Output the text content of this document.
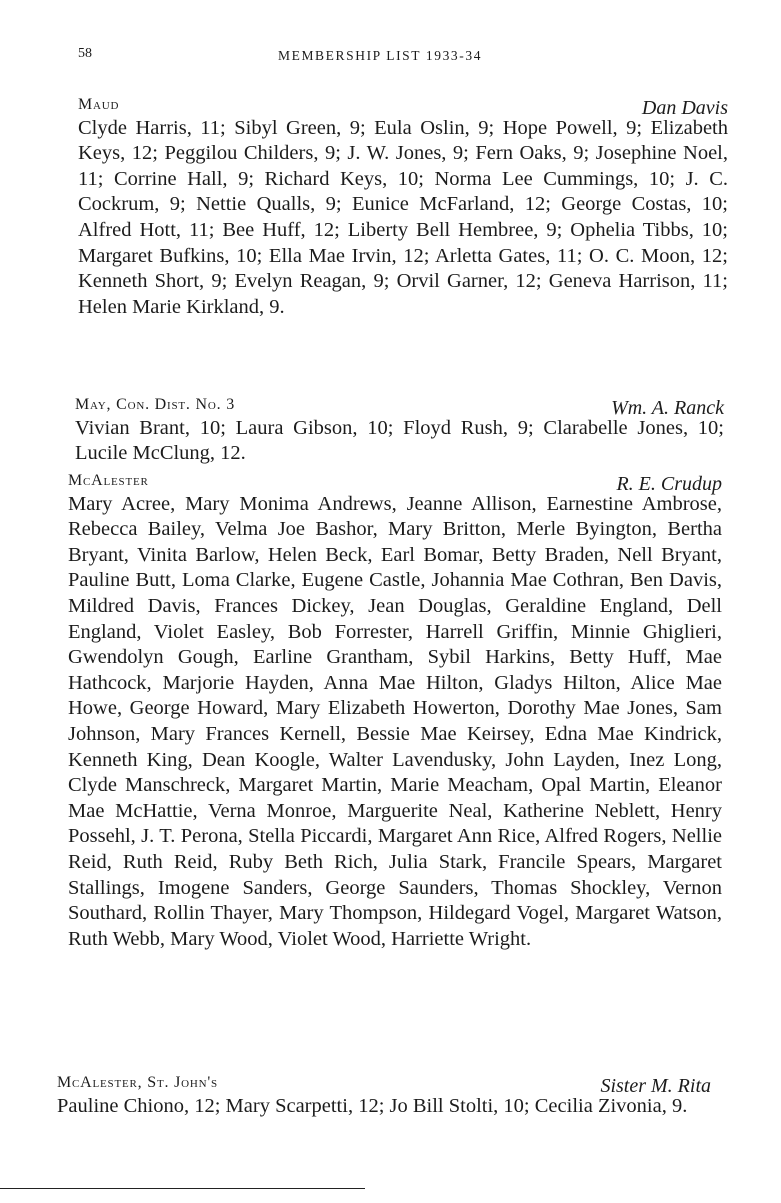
58	MEMBERSHIP LIST 1933-34
Maud	Dan Davis
Clyde Harris, 11; Sibyl Green, 9; Eula Oslin, 9; Hope Powell, 9; Elizabeth Keys, 12; Peggilou Childers, 9; J. W. Jones, 9; Fern Oaks, 9; Josephine Noel, 11; Corrine Hall, 9; Richard Keys, 10; Norma Lee Cummings, 10; J. C. Cockrum, 9; Nettie Qualls, 9; Eunice McFarland, 12; George Costas, 10; Alfred Hott, 11; Bee Huff, 12; Liberty Bell Hembree, 9; Ophelia Tibbs, 10; Margaret Bufkins, 10; Ella Mae Irvin, 12; Arletta Gates, 11; O. C. Moon, 12; Kenneth Short, 9; Evelyn Reagan, 9; Orvil Garner, 12; Geneva Harrison, 11; Helen Marie Kirkland, 9.
May, Con. Dist. No. 3	Wm. A. Ranck
Vivian Brant, 10; Laura Gibson, 10; Floyd Rush, 9; Clarabelle Jones, 10; Lucile McClung, 12.
McAlester	R. E. Crudup
Mary Acree, Mary Monima Andrews, Jeanne Allison, Earnestine Ambrose, Rebecca Bailey, Velma Joe Bashor, Mary Britton, Merle Byington, Bertha Bryant, Vinita Barlow, Helen Beck, Earl Bomar, Betty Braden, Nell Bryant, Pauline Butt, Loma Clarke, Eugene Castle, Johannia Mae Cothran, Ben Davis, Mildred Davis, Frances Dickey, Jean Douglas, Geraldine England, Dell England, Violet Easley, Bob Forrester, Harrell Griffin, Minnie Ghiglieri, Gwendolyn Gough, Earline Grantham, Sybil Harkins, Betty Huff, Mae Hathcock, Marjorie Hayden, Anna Mae Hilton, Gladys Hilton, Alice Mae Howe, George Howard, Mary Elizabeth Howerton, Dorothy Mae Jones, Sam Johnson, Mary Frances Kernell, Bessie Mae Keirsey, Edna Mae Kindrick, Kenneth King, Dean Koogle, Walter Lavendusky, John Layden, Inez Long, Clyde Manschreck, Margaret Martin, Marie Meacham, Opal Martin, Eleanor Mae McHattie, Verna Monroe, Marguerite Neal, Katherine Neblett, Henry Possehl, J. T. Perona, Stella Piccardi, Margaret Ann Rice, Alfred Rogers, Nellie Reid, Ruth Reid, Ruby Beth Rich, Julia Stark, Francile Spears, Margaret Stallings, Imogene Sanders, George Saunders, Thomas Shockley, Vernon Southard, Rollin Thayer, Mary Thompson, Hildegard Vogel, Margaret Watson, Ruth Webb, Mary Wood, Violet Wood, Harriette Wright.
McAlester, St. John's	Sister M. Rita
Pauline Chiono, 12; Mary Scarpetti, 12; Jo Bill Stolti, 10; Cecilia Zivonia, 9.
